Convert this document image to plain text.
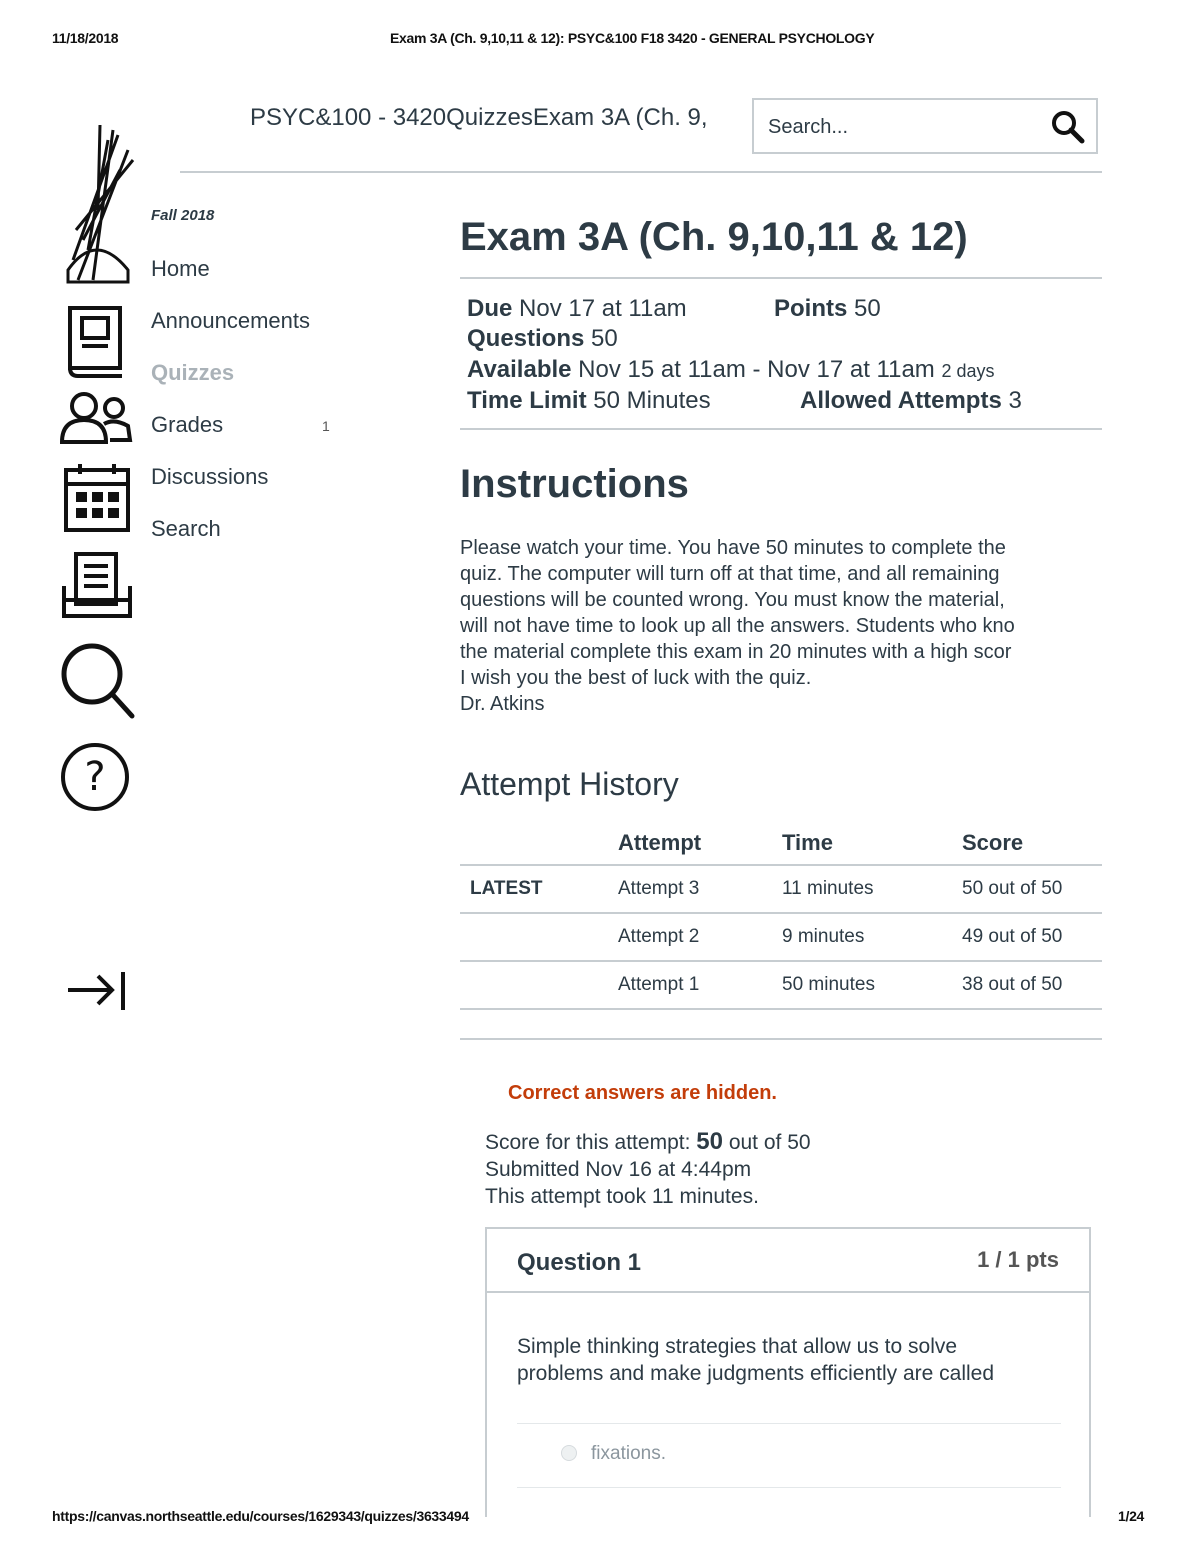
11/18/2018	Exam 3A (Ch. 9,10,11 & 12): PSYC&100 F18 3420 - GENERAL PSYCHOLOGY
PSYC&100 - 3420QuizzesExam 3A (Ch. 9,
Search...
?
Fall 2018
Home
Announcements
Quizzes
Grades	1
Discussions
Search
Exam 3A (Ch. 9,10,11 & 12)
Due Nov 17 at 11am	Points 50
Questions 50
Available Nov 15 at 11am - Nov 17 at 11am 2 days
Time Limit 50 Minutes	Allowed Attempts 3
Instructions
Please watch your time. You have 50 minutes to complete the
quiz. The computer will turn off at that time, and all remaining
questions will be counted wrong. You must know the material,
will not have time to look up all the answers. Students who kno
the material complete this exam in 20 minutes with a high scor
I wish you the best of luck with the quiz.
Dr. Atkins
Attempt History
	Attempt	Time	Score
LATEST	Attempt 3	11 minutes	50 out of 50
	Attempt 2	9 minutes	49 out of 50
	Attempt 1	50 minutes	38 out of 50
Correct answers are hidden.
Score for this attempt: 50 out of 50
Submitted Nov 16 at 4:44pm
This attempt took 11 minutes.
Question 1	1 / 1 pts
Simple thinking strategies that allow us to solve
problems and make judgments efficiently are called
fixations.
https://canvas.northseattle.edu/courses/1629343/quizzes/3633494	1/24
